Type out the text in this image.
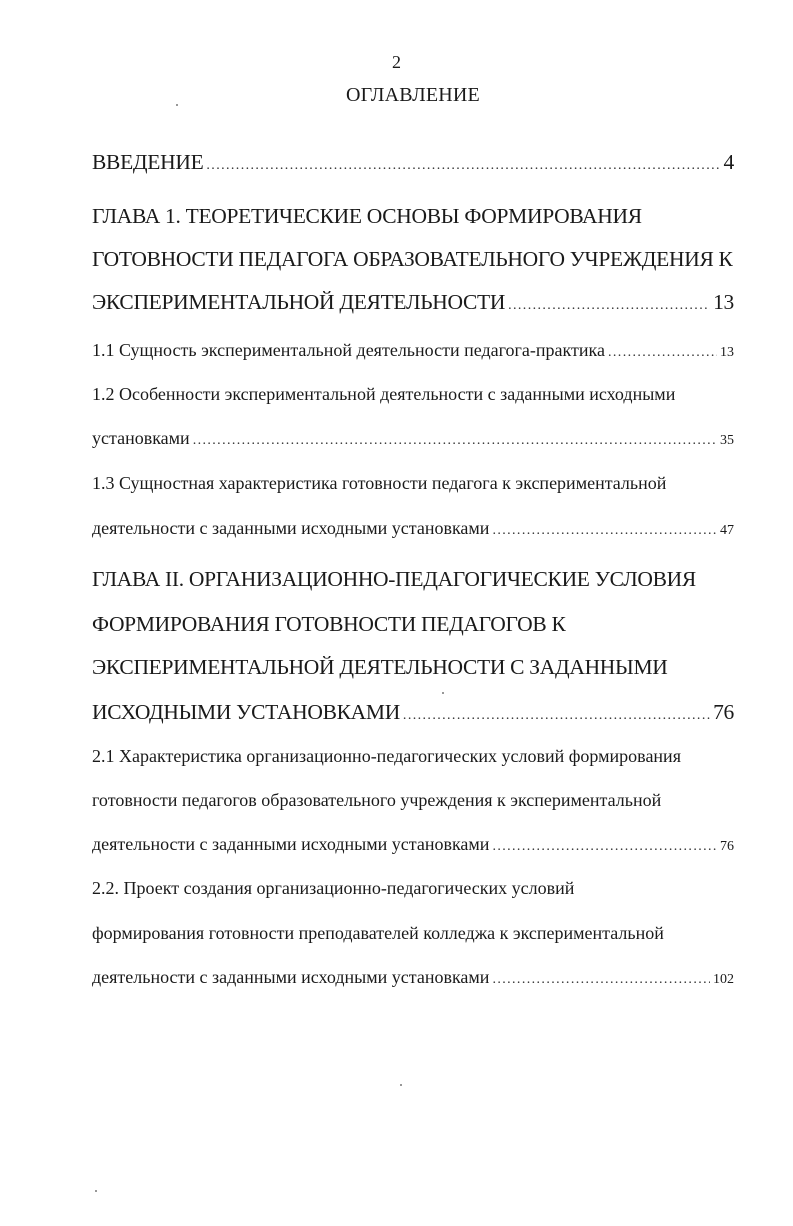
2
ОГЛАВЛЕНИЕ
ВВЕДЕНИЕ .....	4
ГЛАВА 1. ТЕОРЕТИЧЕСКИЕ ОСНОВЫ ФОРМИРОВАНИЯ
ГОТОВНОСТИ ПЕДАГОГА ОБРАЗОВАТЕЛЬНОГО УЧРЕЖДЕНИЯ К
ЭКСПЕРИМЕНТАЛЬНОЙ ДЕЯТЕЛЬНОСТИ .....	13
1.1 Сущность экспериментальной деятельности педагога-практика .....	13
1.2 Особенности экспериментальной деятельности с заданными исходными
установками .....	35
1.3 Сущностная характеристика готовности педагога к экспериментальной
деятельности с заданными исходными установками .....	47
ГЛАВА II. ОРГАНИЗАЦИОННО-ПЕДАГОГИЧЕСКИЕ УСЛОВИЯ
ФОРМИРОВАНИЯ ГОТОВНОСТИ ПЕДАГОГОВ К
ЭКСПЕРИМЕНТАЛЬНОЙ ДЕЯТЕЛЬНОСТИ С ЗАДАННЫМИ
ИСХОДНЫМИ УСТАНОВКАМИ .....	76
2.1 Характеристика организационно-педагогических условий формирования
готовности педагогов образовательного учреждения к экспериментальной
деятельности с заданными исходными установками .....	76
2.2. Проект создания организационно-педагогических условий
формирования готовности преподавателей колледжа к экспериментальной
деятельности с заданными исходными установками .....	102
